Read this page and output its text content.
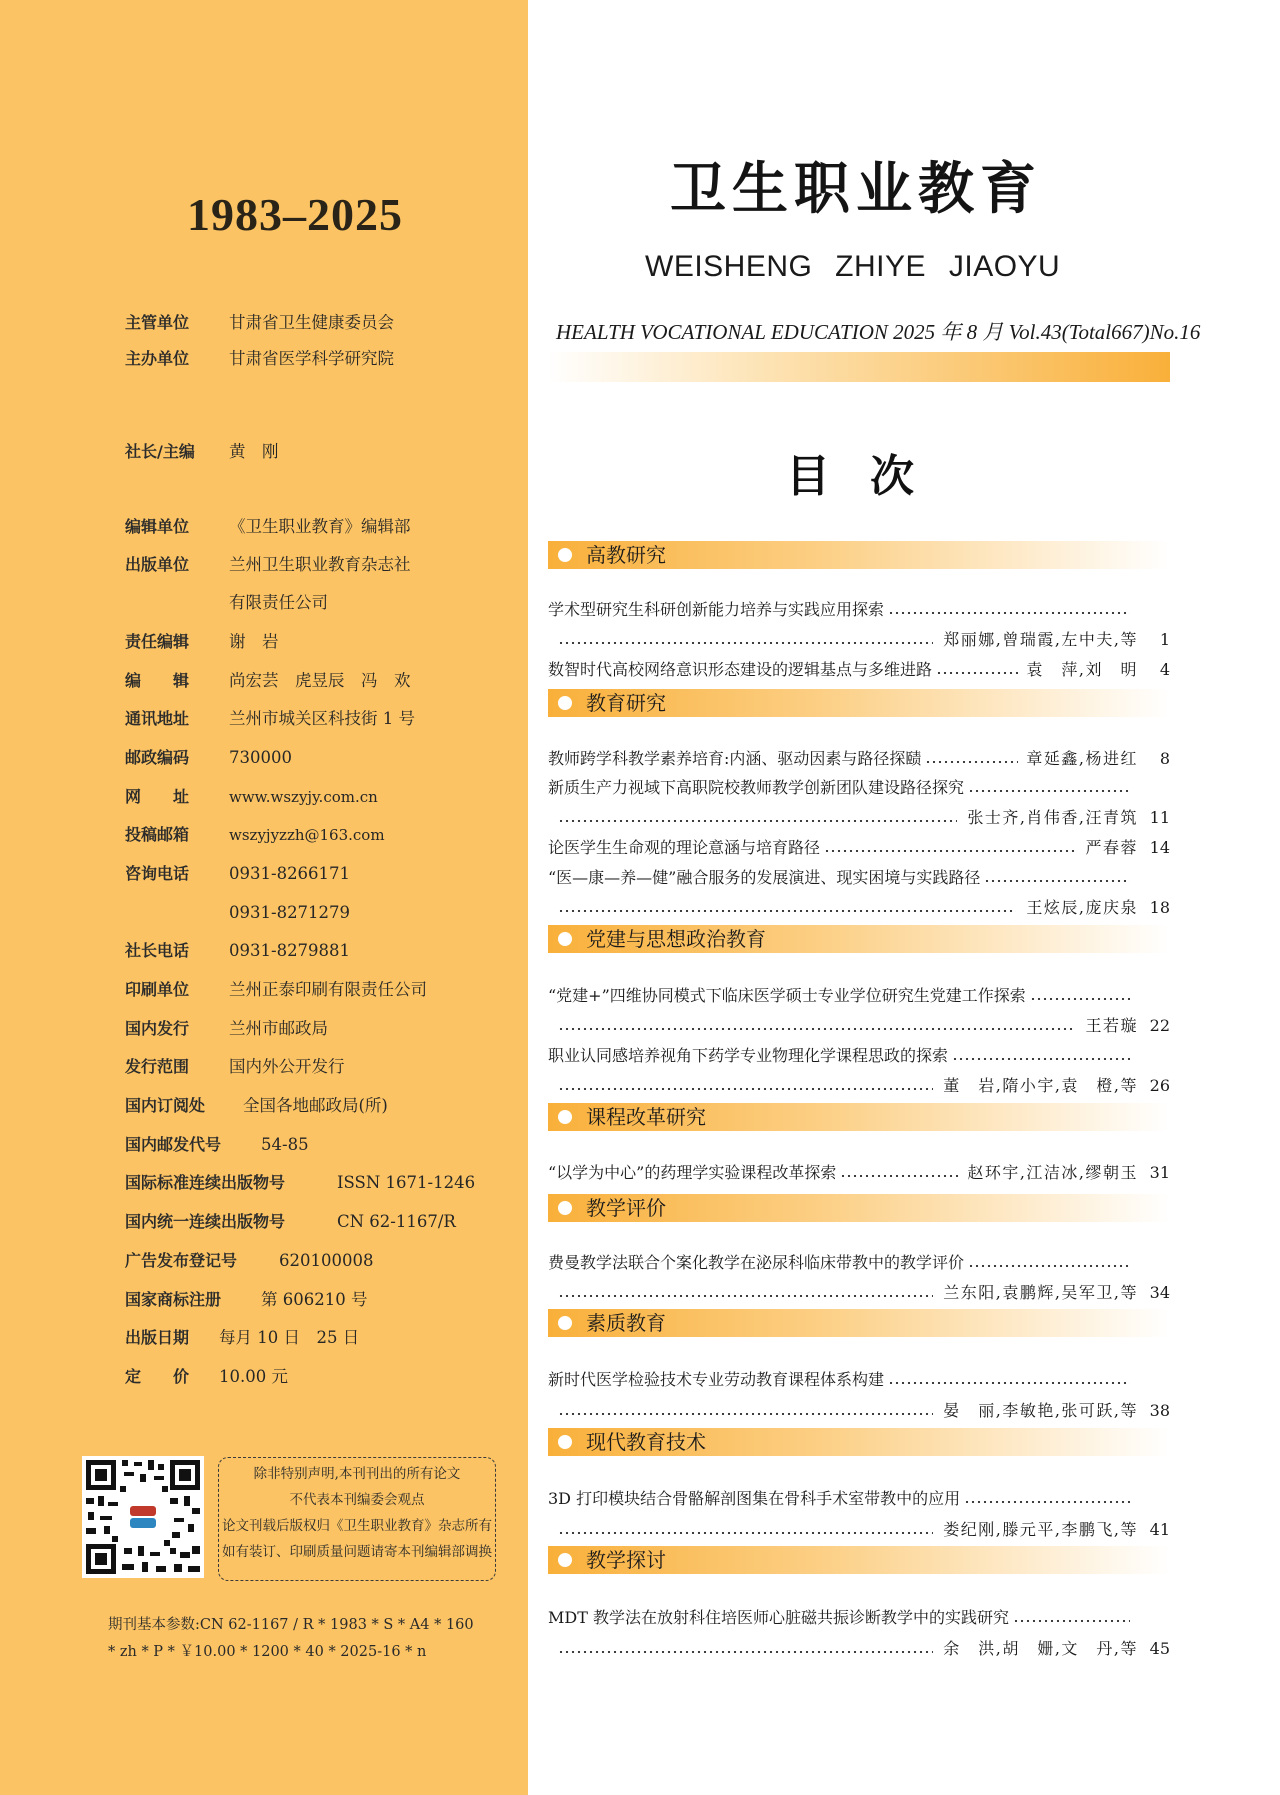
1983–2025
主管单位 甘肃省卫生健康委员会
主办单位 甘肃省医学科学研究院
社长/主编 黄　刚
编辑单位 《卫生职业教育》编辑部
出版单位 兰州卫生职业教育杂志社
有限责任公司
责任编辑 谢　岩
编　　辑 尚宏芸　虎昱辰　冯　欢
通讯地址 兰州市城关区科技街 1 号
邮政编码 730000
网　　址	www.wszyjy.com.cn
投稿邮箱	wszyjyzzh@163.com
咨询电话 0931-8266171
0931-8271279
社长电话 0931-8279881
印刷单位 兰州正泰印刷有限责任公司
国内发行 兰州市邮政局
发行范围 国内外公开发行
国内订阅处 全国各地邮政局(所)
国内邮发代号 54-85
国际标准连续出版物号	ISSN 1671-1246
国内统一连续出版物号	CN 62-1167/R
广告发布登记号	620100008
国家商标注册 第 606210 号
出版日期 每月 10 日　25 日
定　　价 10.00 元
除非特别声明,本刊刊出的所有论文
不代表本刊编委会观点
论文刊载后版权归《卫生职业教育》杂志所有
如有装订、印刷质量问题请寄本刊编辑部调换
期刊基本参数:CN 62-1167 / R * 1983 * S * A4 * 160
* zh * P * ￥10.00 * 1200 * 40 * 2025-16 * n
卫生职业教育
WEISHENG ZHIYE JIAOYU
HEALTH VOCATIONAL EDUCATION 2025 年 8 月 Vol.43(Total667)No.16
目次
高教研究
学术型研究生科研创新能力培养与实践应用探索
郑丽娜,曾瑞霞,左中夫,等	1
数智时代高校网络意识形态建设的逻辑基点与多维进路	袁　萍,刘　明	4
教育研究
教师跨学科教学素养培育:内涵、驱动因素与路径探赜	章延鑫,杨进红	8
新质生产力视域下高职院校教师教学创新团队建设路径探究
张士齐,肖伟香,汪青筑 11
论医学生生命观的理论意涵与培育路径	严春蓉 14
“医—康—养—健”融合服务的发展演进、现实困境与实践路径
王炫辰,庞庆泉 18
党建与思想政治教育
“党建+”四维协同模式下临床医学硕士专业学位研究生党建工作探索
王若璇 22
职业认同感培养视角下药学专业物理化学课程思政的探索
董　岩,隋小宇,袁　橙,等 26
课程改革研究
“以学为中心”的药理学实验课程改革探索	赵环宇,江洁冰,缪朝玉 31
教学评价
费曼教学法联合个案化教学在泌尿科临床带教中的教学评价
兰东阳,袁鹏辉,吴军卫,等 34
素质教育
新时代医学检验技术专业劳动教育课程体系构建
晏　丽,李敏艳,张可跃,等 38
现代教育技术
3D 打印模块结合骨骼解剖图集在骨科手术室带教中的应用
娄纪刚,滕元平,李鹏飞,等 41
教学探讨
MDT 教学法在放射科住培医师心脏磁共振诊断教学中的实践研究
余　洪,胡　姗,文　丹,等 45
